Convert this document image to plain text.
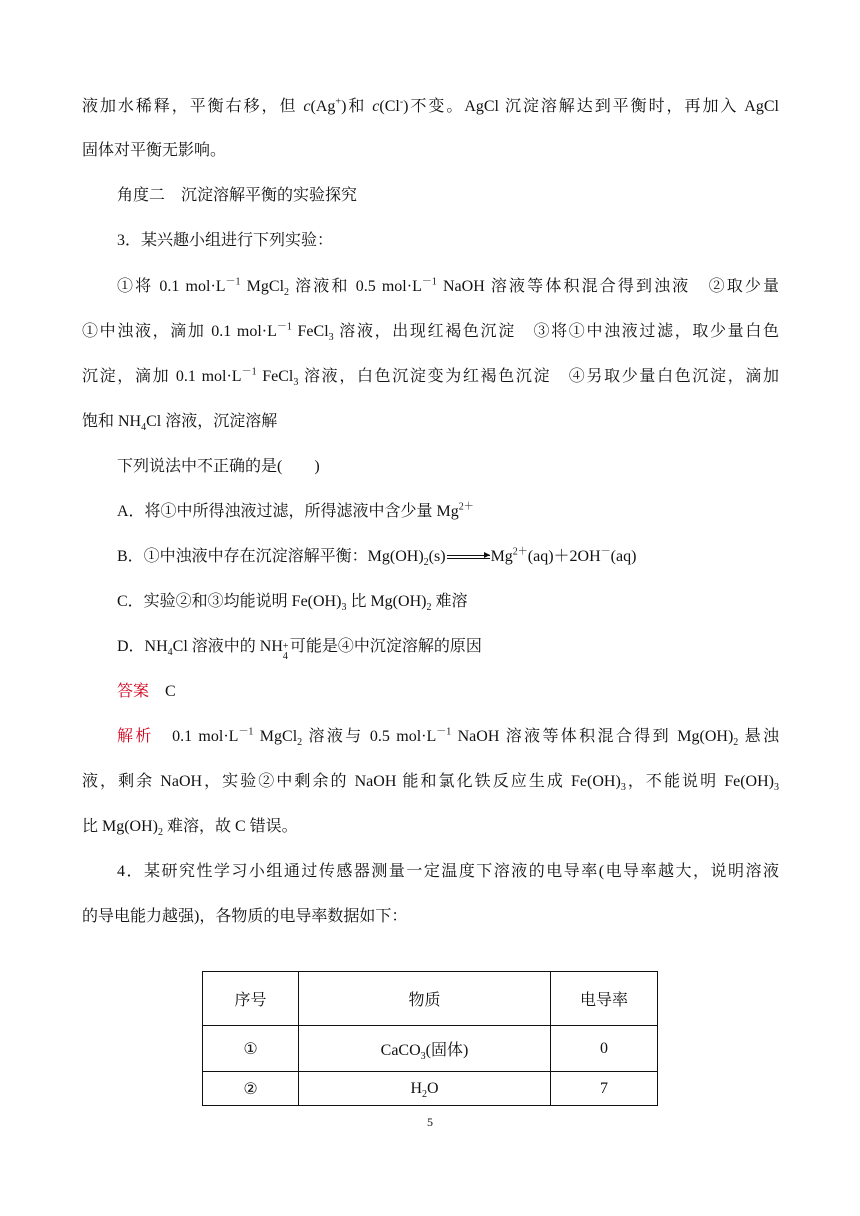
液加水稀释，平衡右移，但 c(Ag+)和 c(Cl-)不变。AgCl 沉淀溶解达到平衡时，再加入 AgCl
固体对平衡无影响。
角度二　沉淀溶解平衡的实验探究
3．某兴趣小组进行下列实验：
①将 0.1 $mol\cdot L^{-1}$ MgCl$_2$ 溶液和 0.5 $mol\cdot L^{-1}$ NaOH 溶液等体积混合得到浊液　②取少量
①中浊液，滴加 0.1 $mol\cdot L^{-1}$ FeCl$_3$ 溶液，出现红褐色沉淀　③将①中浊液过滤，取少量白色
沉淀，滴加 0.1 $mol\cdot L^{-1}$ FeCl$_3$ 溶液，白色沉淀变为红褐色沉淀　④另取少量白色沉淀，滴加
饱和 $NH_4Cl$ 溶液，沉淀溶解
下列说法中不正确的是(　　)
A．将①中所得浊液过滤，所得滤液中含少量 $Mg^{2+}$
B．①中浊液中存在沉淀溶解平衡：$Mg(OH)_2(s)$	$Mg^{2+}(aq)+2OH^-(aq)$
C．实验②和③均能说明 $Fe(OH)_3$ 比 $Mg(OH)_2$ 难溶
D．$NH_4Cl$ 溶液中的 NH
4
+ 可能是④中沉淀溶解的原因
答案　 C
解析　 0.1 $mol\cdot L^{-1}$ MgCl$_2$ 溶液与 0.5 $mol\cdot L^{-1}$ NaOH 溶液等体积混合得到 $Mg(OH)_2$ 悬浊
液，剩余 NaOH，实验②中剩余的 NaOH 能和氯化铁反应生成 $Fe(OH)_3$，不能说明 $Fe(OH)_3$
比 $Mg(OH)_2$ 难溶，故 C 错误。
4．某研究性学习小组通过传感器测量一定温度下溶液的电导率(电导率越大，说明溶液
的导电能力越强)，各物质的电导率数据如下：
序号	物质	电导率
①	CaCO$_3$(固体)	0
②	$H_2O$	7
5
